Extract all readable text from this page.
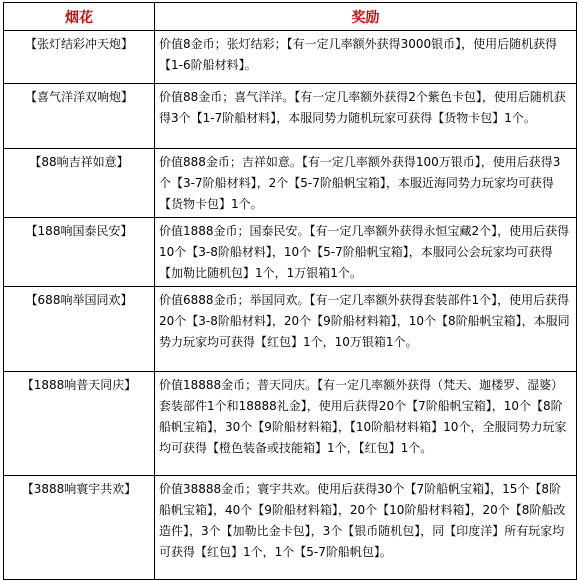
烟花	奖励
【张灯结彩冲天炮】	价值8金币；张灯结彩；【有一定几率额外获得3000银币】，使用后随机获得【1-6阶船材料】。
【喜气洋洋双响炮】	价值88金币；喜气洋洋。【有一定几率额外获得2个紫色卡包】，使用后随机获得3个【1-7阶船材料】，本服同势力随机玩家可获得【货物卡包】1个。
【88响吉祥如意】	价值888金币；吉祥如意。【有一定几率额外获得100万银币】，使用后获得3个【3-7阶船材料】，2个【5-7阶船帆宝箱】，本服近海同势力玩家均可获得【货物卡包】1个。
【188响国泰民安】	价值1888金币；国泰民安。【有一定几率额外获得永恒宝藏2个】，使用后获得10个【3-8阶船材料】，10个【5-7阶船帆宝箱】，本服同公会玩家均可获得【加勒比随机包】1个，1万银箱1个。
【688响举国同欢】	价值6888金币；举国同欢。【有一定几率额外获得套装部件1个】，使用后获得20个【3-8阶船材料】，20个【9阶船材料箱】，10个【8阶船帆宝箱】，本服同势力玩家均可获得【红包】1个，10万银箱1个。
【1888响普天同庆】	价值18888金币；普天同庆。【有一定几率额外获得（梵天、迦楼罗、湿婆）套装部件1个和18888礼金】，使用后获得20个【7阶船帆宝箱】，10个【8阶船帆宝箱】，30个【9阶船材料箱】，【10阶船材料箱】10个，全服同势力玩家均可获得【橙色装备或技能箱】1个，【红包】1个。
【3888响寰宇共欢】	价值38888金币；寰宇共欢。使用后获得30个【7阶船帆宝箱】，15个【8阶船帆宝箱】，40个【9阶船材料箱】，20个【10阶船材料箱】，20个【8阶船改造件】，3个【加勒比金卡包】，3个【银币随机包】，同【印度洋】所有玩家均可获得【红包】1个，1个【5-7阶船帆包】。
